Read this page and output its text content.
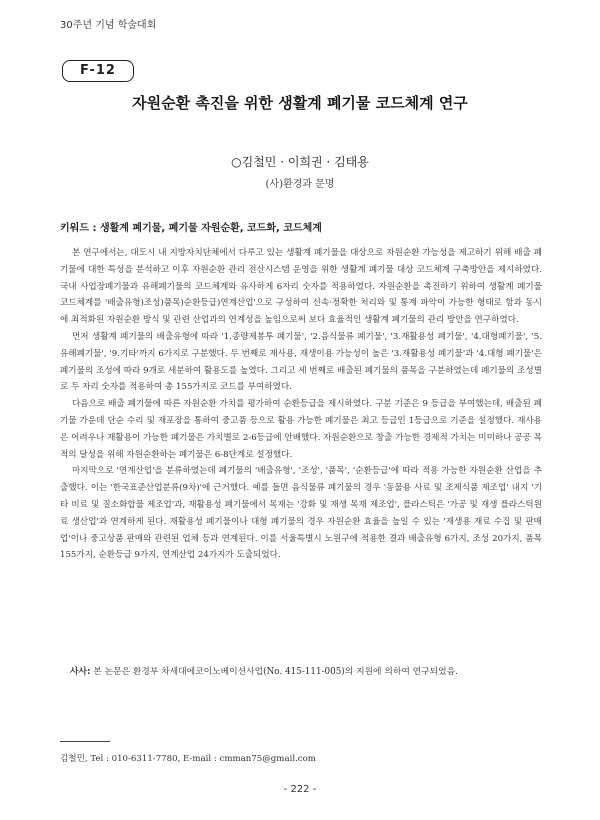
30주년 기념 학술대회
F-12
자원순환 촉진을 위한 생활계 폐기물 코드체계 연구
○김철민 · 이희권 · 김태용
(사)환경과 문명
키워드 : 생활계 폐기물, 폐기물 자원순환, 코드화, 코드체계

본 연구에서는, 대도시 내 지방자치단체에서 다루고 있는 생활계 폐기물을 대상으로 자원순환 가능성을 제고하기 위해 배출 폐기물에 대한 특성을 분석하고 이후 자원순환 관리 전산시스템 운영을 위한 생활계 폐기물 대상 코드체계 구축방안을 제시하였다. 국내 사업장폐기물과 유해폐기물의 코드체계와 유사하게 6자리 숫자를 적용하였다. 자원순환을 촉진하기 위하여 생활계 폐기물 코드체계를 '배출유형)조성)품목)순환등급)연계산업'으로 구성하여 신속·정확한 처리와 및 통계 파악이 가능한 형태로 함과 동시에 최적화된 자원순환 방식 및 관련 산업과의 연계성을 높임으로써 보다 효율적인 생활계 폐기물의 관리 방안을 연구하였다.

먼저 생활계 폐기물의 배출유형에 따라 '1.종량제봉투 폐기물', '2.음식물류 폐기물', '3.재활용성 폐기물', '4.대형폐기물', '5.유해폐기물', '9.기타'까지 6가지로 구분했다. 두 번째로 재사용, 재생이용 가능성이 높은 '3.재활용성 폐기물'과 '4.대형 폐기물'은 폐기물의 조성에 따라 9개로 세분하여 활용도를 높였다. 그리고 세 번째로 배출된 폐기물의 품목을 구분하였는데 폐기물의 조성별로 두 자리 숫자를 적용하여 총 155가지로 코드를 부여하였다.

다음으로 배출 폐기물에 따른 자원순환 가치를 평가하여 순환등급을 제시하였다. 구분 기준은 9 등급을 부여했는데, 배출된 폐기물 가운데 단순 수리 및 재포장을 통하여 중고품 등으로 활용 가능한 폐기물은 최고 등급인 1등급으로 기준을 설정했다. 재사용은 어려우나 재활용이 가능한 폐기물은 가치별로 2-6등급에 안배했다. 자원순환으로 창출 가능한 경제적 가치는 미미하나 공공 목적의 달성을 위해 자원순환하는 폐기물은 6-8단계로 설정했다.

마지막으로 '연계산업'을 분류하였는데 폐기물의 '배출유형', '조성', '품목', '순환등급'에 따라 적용 가능한 자원순환 산업을 추출했다. 이는 '한국표준산업분류(9차)'에 근거했다. 예를 들면 음식물류 폐기물의 경우 '동물용 사료 및 조제식품 제조업' 내지 '기타 비료 및 질소화합물 제조업'과, 재활용성 폐기물에서 목재는 '강화 및 재생 목재 제조업', 플라스틱은 '가공 및 재생 플라스틱원료 생산업'과 연계하게 된다. 재활용성 폐기물이나 대형 폐기물의 경우 자원순환 효율을 높일 수 있는 '재생용 재료 수집 및 판매업'이나 중고상품 판매와 관련된 업체 등과 연계된다. 이를 서울특별시 노원구에 적용한 결과 배출유형 6가지, 조성 20가지, 품목 155가지, 순환등급 9가지, 연계산업 24가지가 도출되었다.

사사: 본 논문은 환경부 차세대에코이노베이션사업(No. 415-111-005)의 지원에 의하여 연구되었음.
김철민, Tel : 010-6311-7780, E-mail : cmman75@gmail.com
- 222 -
